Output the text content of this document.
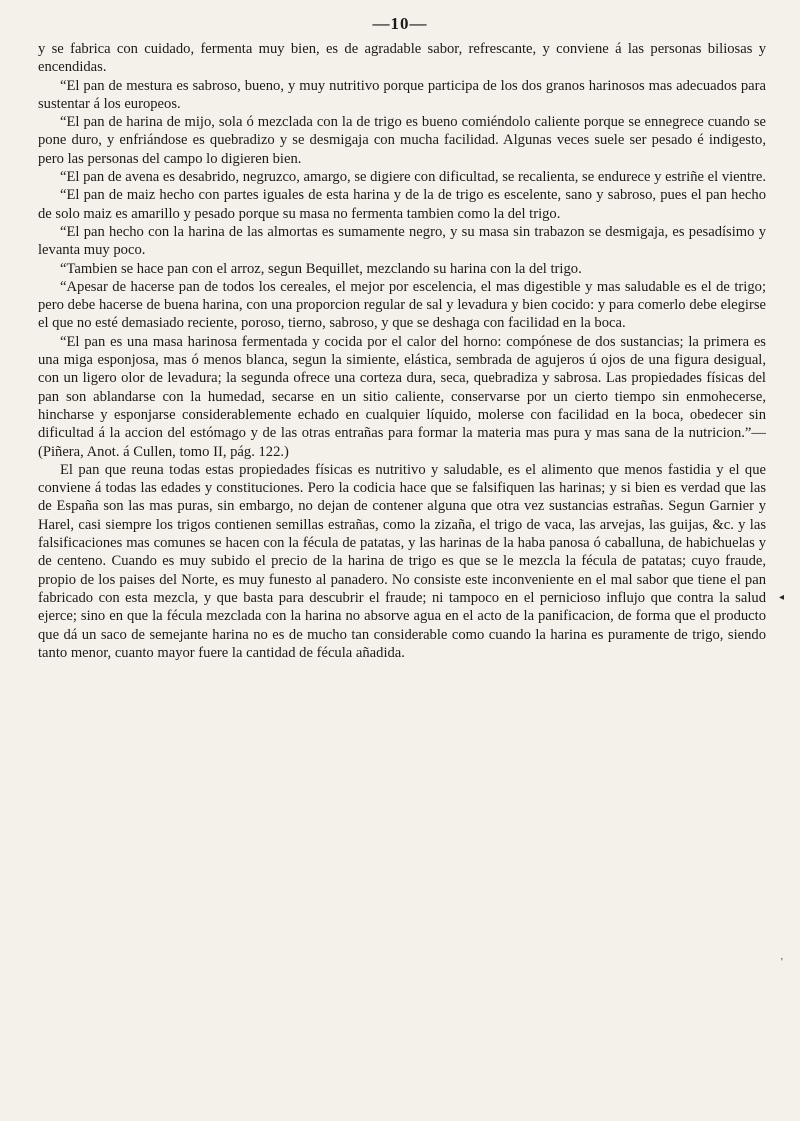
—10—

y se fabrica con cuidado, fermenta muy bien, es de agradable sabor, refrescante, y conviene á las personas biliosas y encendidas.

“El pan de mestura es sabroso, bueno, y muy nutritivo porque participa de los dos granos harinosos mas adecuados para sustentar á los europeos.

“El pan de harina de mijo, sola ó mezclada con la de trigo es bueno comiéndolo caliente porque se ennegrece cuando se pone duro, y enfriándose es quebradizo y se desmigaja con mucha facilidad. Algunas veces suele ser pesado é indigesto, pero las personas del campo lo digieren bien.

“El pan de avena es desabrido, negruzco, amargo, se digiere con dificultad, se recalienta, se endurece y estriñe el vientre.

“El pan de maiz hecho con partes iguales de esta harina y de la de trigo es escelente, sano y sabroso, pues el pan hecho de solo maiz es amarillo y pesado porque su masa no fermenta tambien como la del trigo.

“El pan hecho con la harina de las almortas es sumamente negro, y su masa sin trabazon se desmigaja, es pesadísimo y levanta muy poco.

“Tambien se hace pan con el arroz, segun Bequillet, mezclando su harina con la del trigo.

“Apesar de hacerse pan de todos los cereales, el mejor por escelencia, el mas digestible y mas saludable es el de trigo; pero debe hacerse de buena harina, con una proporcion regular de sal y levadura y bien cocido: y para comerlo debe elegirse el que no esté demasiado reciente, poroso, tierno, sabroso, y que se deshaga con facilidad en la boca.

“El pan es una masa harinosa fermentada y cocida por el calor del horno: compónese de dos sustancias; la primera es una miga esponjosa, mas ó menos blanca, segun la simiente, elástica, sembrada de agujeros ú ojos de una figura desigual, con un ligero olor de levadura; la segunda ofrece una corteza dura, seca, quebradiza y sabrosa. Las propiedades físicas del pan son ablandarse con la humedad, secarse en un sitio caliente, conservarse por un cierto tiempo sin enmohecerse, hincharse y esponjarse considerablemente echado en cualquier líquido, molerse con facilidad en la boca, obedecer sin dificultad á la accion del estómago y de las otras entrañas para formar la materia mas pura y mas sana de la nutricion.”—(Piñera, Anot. á Cullen, tomo II, pág. 122.)

El pan que reuna todas estas propiedades físicas es nutritivo y saludable, es el alimento que menos fastidia y el que conviene á todas las edades y constituciones. Pero la codicia hace que se falsifiquen las harinas; y si bien es verdad que las de España son las mas puras, sin embargo, no dejan de contener alguna que otra vez sustancias estrañas. Segun Garnier y Harel, casi siempre los trigos contienen semillas estrañas, como la zizaña, el trigo de vaca, las arvejas, las guijas, &c. y las falsificaciones mas comunes se hacen con la fécula de patatas, y las harinas de la haba panosa ó caballuna, de habichuelas y de centeno. Cuando es muy subido el precio de la harina de trigo es que se le mezcla la fécula de patatas; cuyo fraude, propio de los paises del Norte, es muy funesto al panadero. No consiste este inconveniente en el mal sabor que tiene el pan fabricado con esta mezcla, y que basta para descubrir el fraude; ni tampoco en el pernicioso influjo que contra la salud ejerce; sino en que la fécula mezclada con la harina no absorve agua en el acto de la panificacion, de forma que el producto que dá un saco de semejante harina no es de mucho tan considerable como cuando la harina es puramente de trigo, siendo tanto menor, cuanto mayor fuere la cantidad de fécula añadida.

◂
'
